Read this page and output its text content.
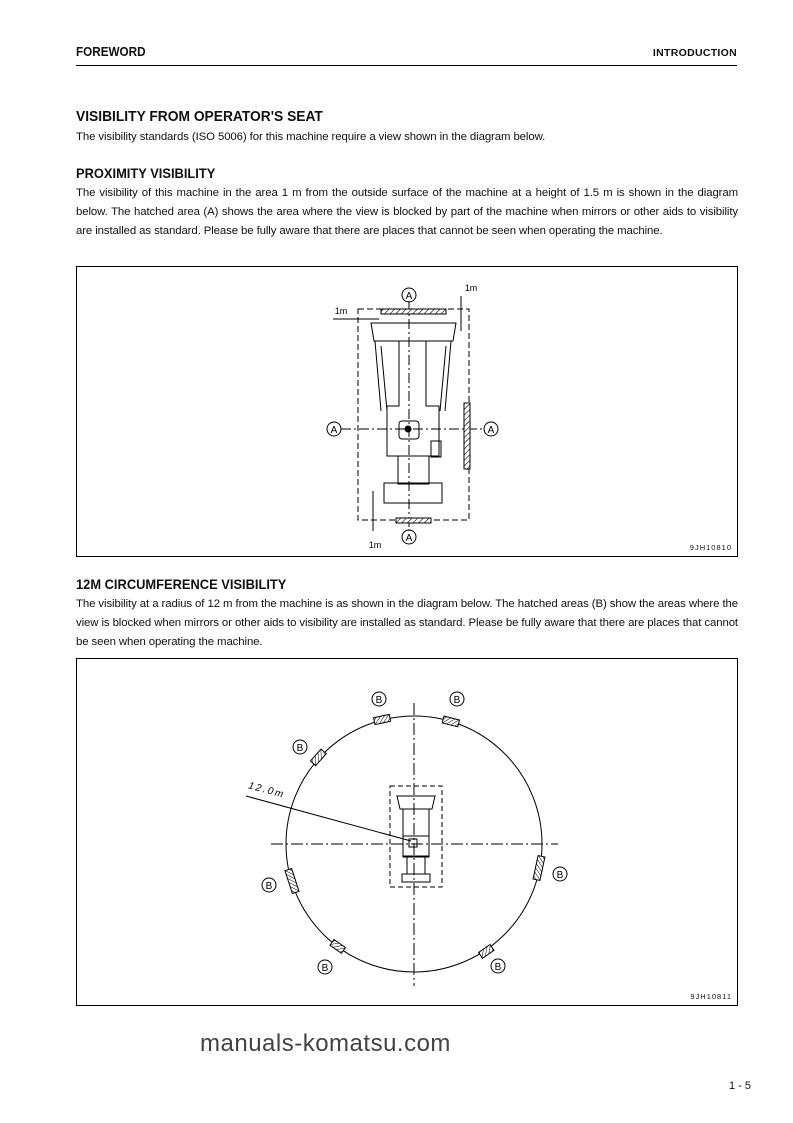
FOREWORD	INTRODUCTION
VISIBILITY FROM OPERATOR'S SEAT
The visibility standards (ISO 5006) for this machine require a view shown in the diagram below.
PROXIMITY VISIBILITY
The visibility of this machine in the area 1 m from the outside surface of the machine at a height of 1.5 m is shown in the diagram below. The hatched area (A) shows the area where the view is blocked by part of the machine when mirrors or other aids to visibility are installed as standard. Please be fully aware that there are places that cannot be seen when operating the machine.
A
A	A
A
1m
1m
1m	9JH10810
12M CIRCUMFERENCE VISIBILITY
The visibility at a radius of 12 m from the machine is as shown in the diagram below. The hatched areas (B) show the areas where the view is blocked when mirrors or other aids to visibility are installed as standard. Please be fully aware that there are places that cannot be seen when operating the machine.
B	B
B
B
B
B	B
12.0m
9JH10811
manuals-komatsu.com
1 - 5
